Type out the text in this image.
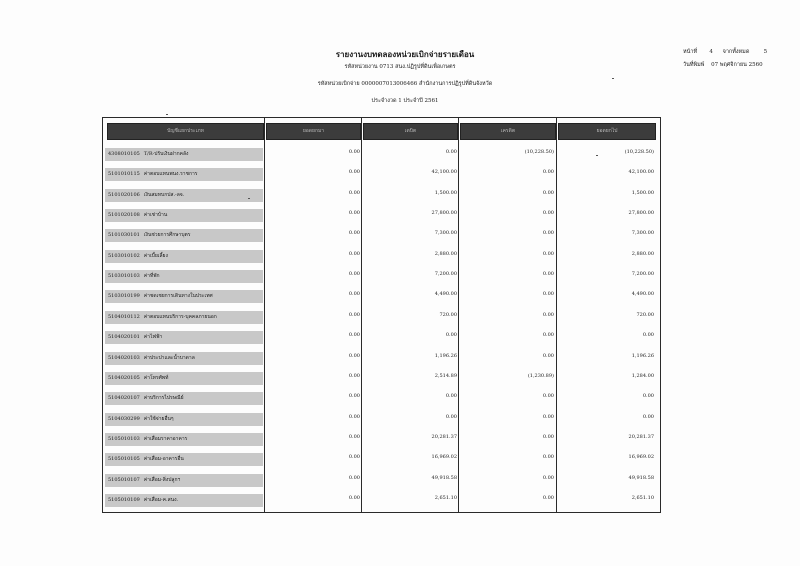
รายงานงบทดลองหน่วยเบิกจ่ายรายเดือน
รหัสหน่วยงาน 0713 สนง.ปฏิรูปที่ดินเพื่อเกษตร
รหัสหน่วยเบิกจ่าย 0000007013006466 สำนักงานการปฏิรูปที่ดินจังหวัด
ประจำงวด 1 ประจำปี 2561
หน้าที่ 4 จากทั้งหมด	5
วันที่พิมพ์ 07 พฤศจิกายน 2560
บัญชีแยกประเภท	ยอดยกมา	เดบิต	เครดิต	ยอดยกไป
4308010105 T/R-ปรับเงินฝากคลัง	0.00	0.00	(10,228.50)	(10,228.50)
5101010115 ค่าตอบแทนพนง.ราชการ	0.00	42,100.00	0.00	42,100.00
5101020106 เงินสมทบกปส.-ลจ.	0.00	1,500.00	0.00	1,500.00
5101020108 ค่าเช่าบ้าน	0.00	27,800.00	0.00	27,800.00
5101030101 เงินช่วยการศึกษาบุตร	0.00	7,300.00	0.00	7,300.00
5103010102 ค่าเบี้ยเลี้ยง	0.00	2,880.00	0.00	2,880.00
5103010103 ค่าที่พัก	0.00	7,200.00	0.00	7,200.00
5103010199 ค่าชดเชยการเดินทางในประเทศ	0.00	4,490.00	0.00	4,490.00
5104010112 ค่าตอบแทนบริการ-บุคคลภายนอก	0.00	720.00	0.00	720.00
5104020101 ค่าไฟฟ้า	0.00	0.00	0.00	0.00
5104020103 ค่าประปาและน้ำบาดาล	0.00	1,196.26	0.00	1,196.26
5104020105 ค่าโทรศัพท์	0.00	2,514.89	(1,230.89)	1,284.00
5104020107 ค่าบริการไปรษณีย์	0.00	0.00	0.00	0.00
5104030299 ค่าใช้จ่ายอื่นๆ	0.00	0.00	0.00	0.00
5105010103 ค่าเสื่อมราคาอาคาร	0.00	20,281.37	0.00	20,281.37
5105010105 ค่าเสื่อม-อาคารอื่น	0.00	16,969.02	0.00	16,969.02
5105010107 ค่าเสื่อม-สิ่งปลูกฯ	0.00	49,918.58	0.00	49,918.58
5105010109 ค่าเสื่อม-ค.สนง.	0.00	2,651.10	0.00	2,651.10
